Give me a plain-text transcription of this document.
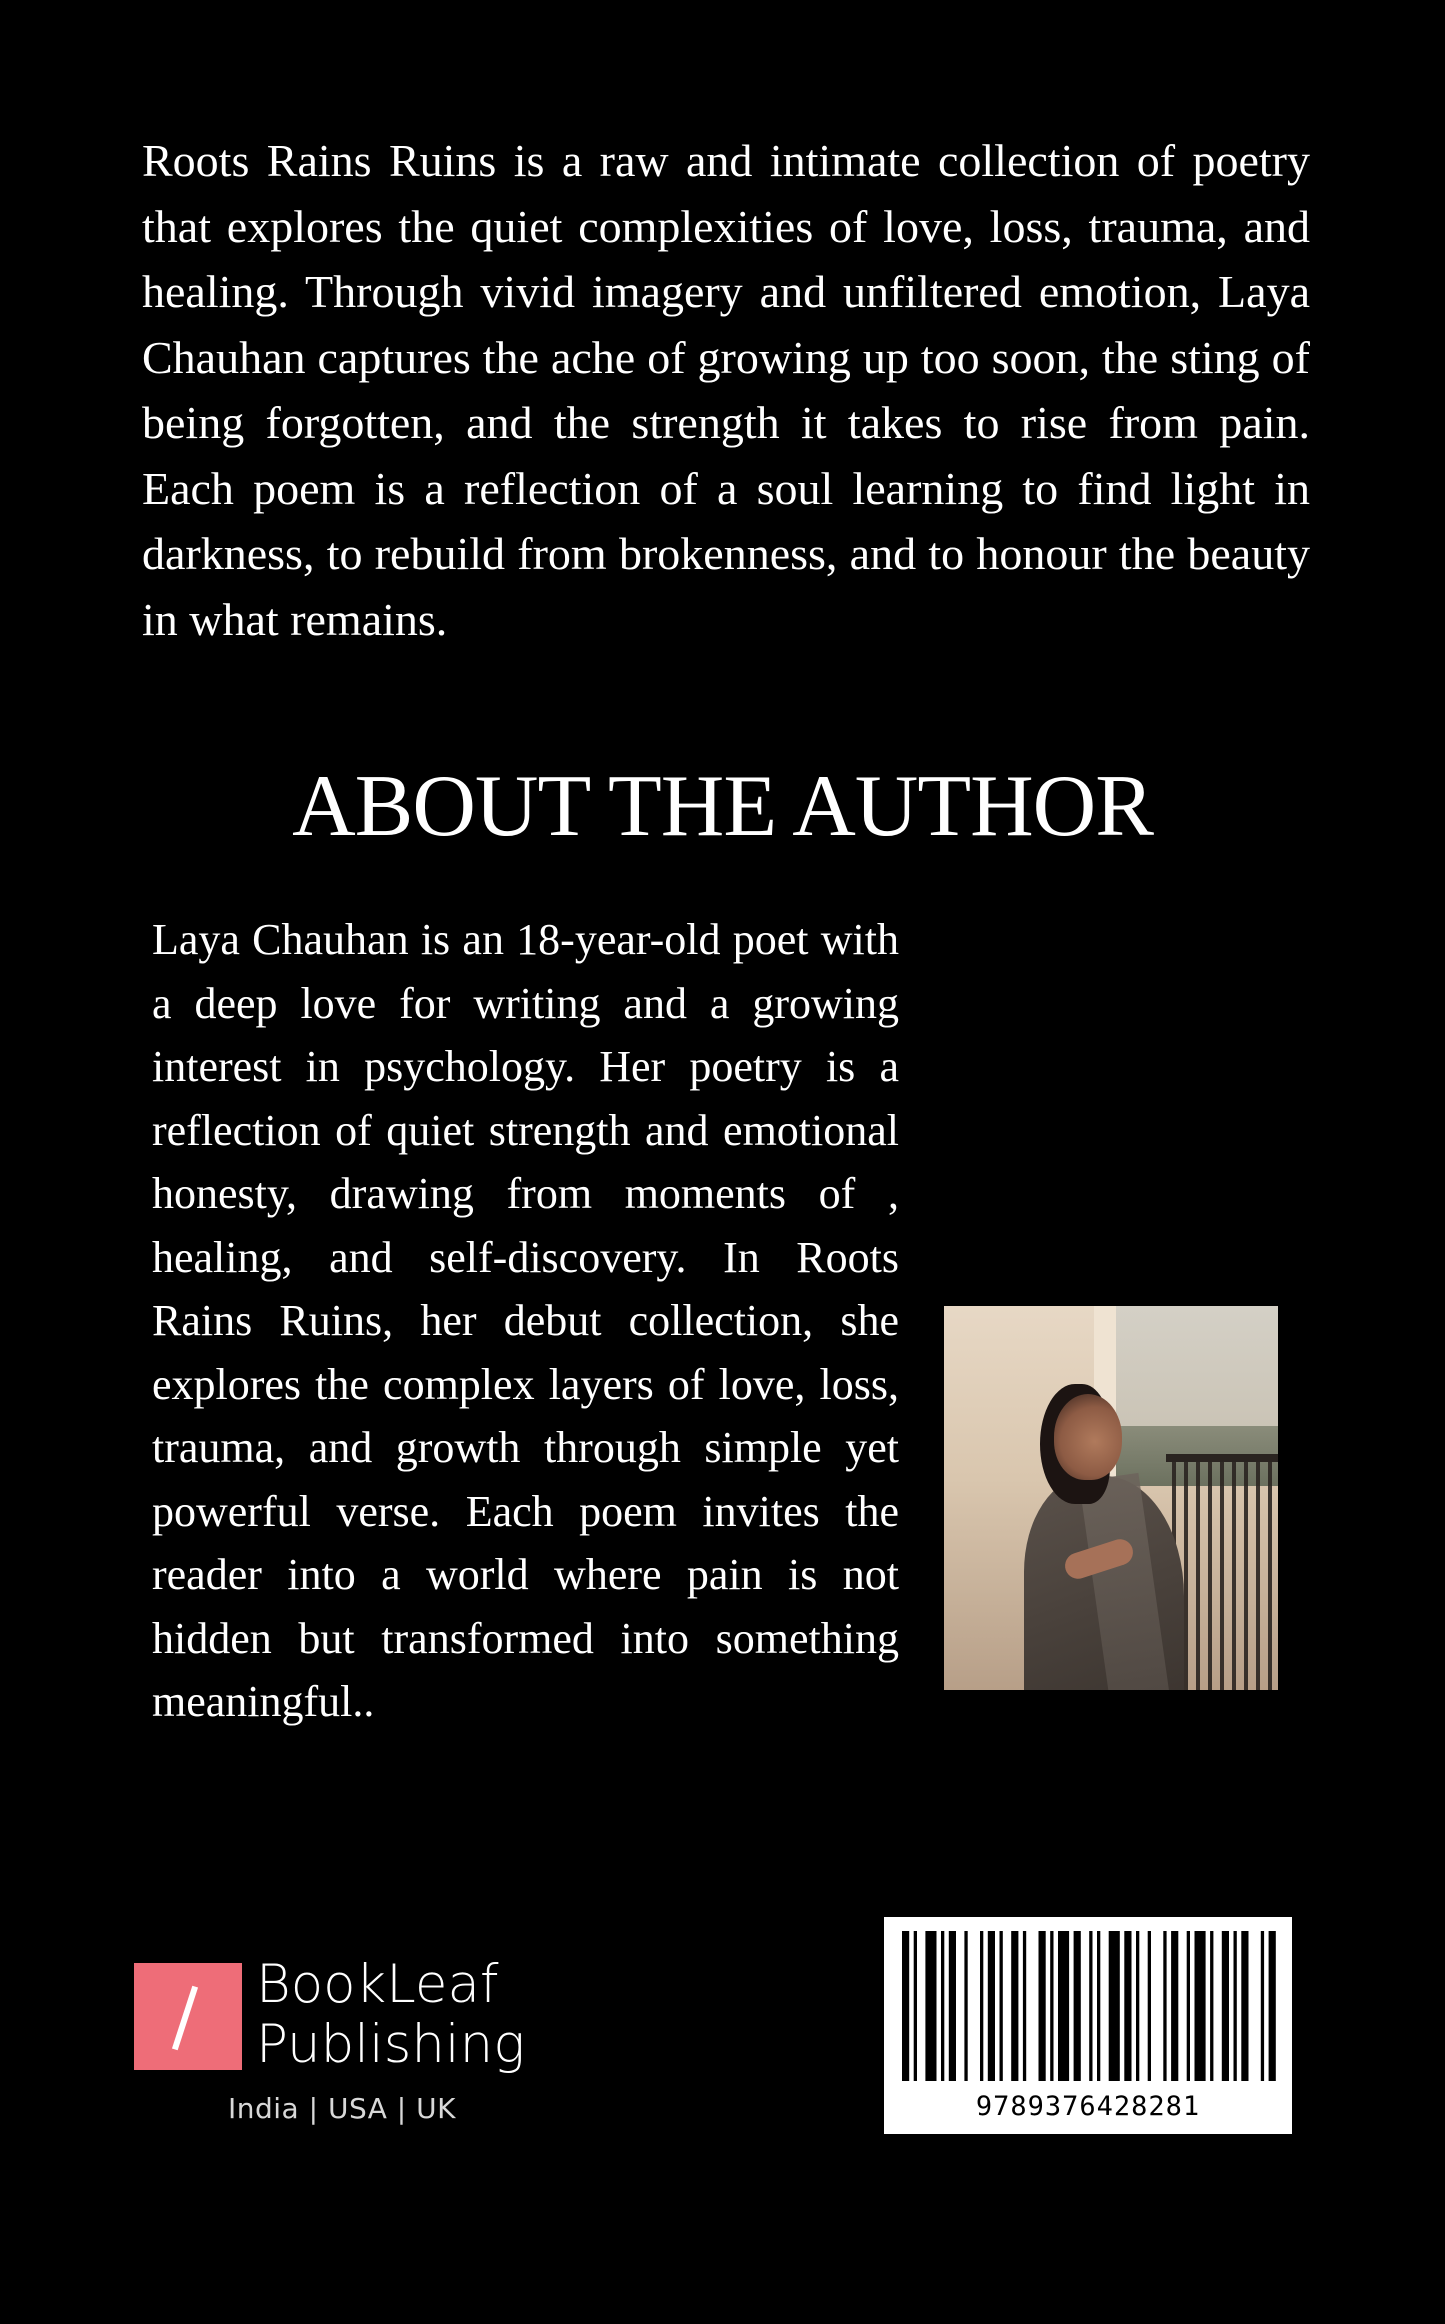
Roots Rains Ruins is a raw and intimate collection of poetry that explores the quiet complexities of love, loss, trauma, and healing. Through vivid imagery and unfiltered emotion, Laya Chauhan captures the ache of growing up too soon, the sting of being forgotten, and the strength it takes to rise from pain. Each poem is a reflection of a soul learning to find light in darkness, to rebuild from brokenness, and to honour the beauty in what remains.

ABOUT THE AUTHOR

Laya Chauhan is an 18-year-old poet with a deep love for writing and a growing interest in psychology. Her poetry is a reflection of quiet strength and emotional honesty, drawing from moments of , healing, and self-discovery. In Roots Rains Ruins, her debut collection, she explores the complex layers of love, loss, trauma, and growth through simple yet powerful verse. Each poem invites the reader into a world where pain is not hidden but transformed into something meaningful..

BookLeaf
Publishing
India | USA | UK	9789376428281
